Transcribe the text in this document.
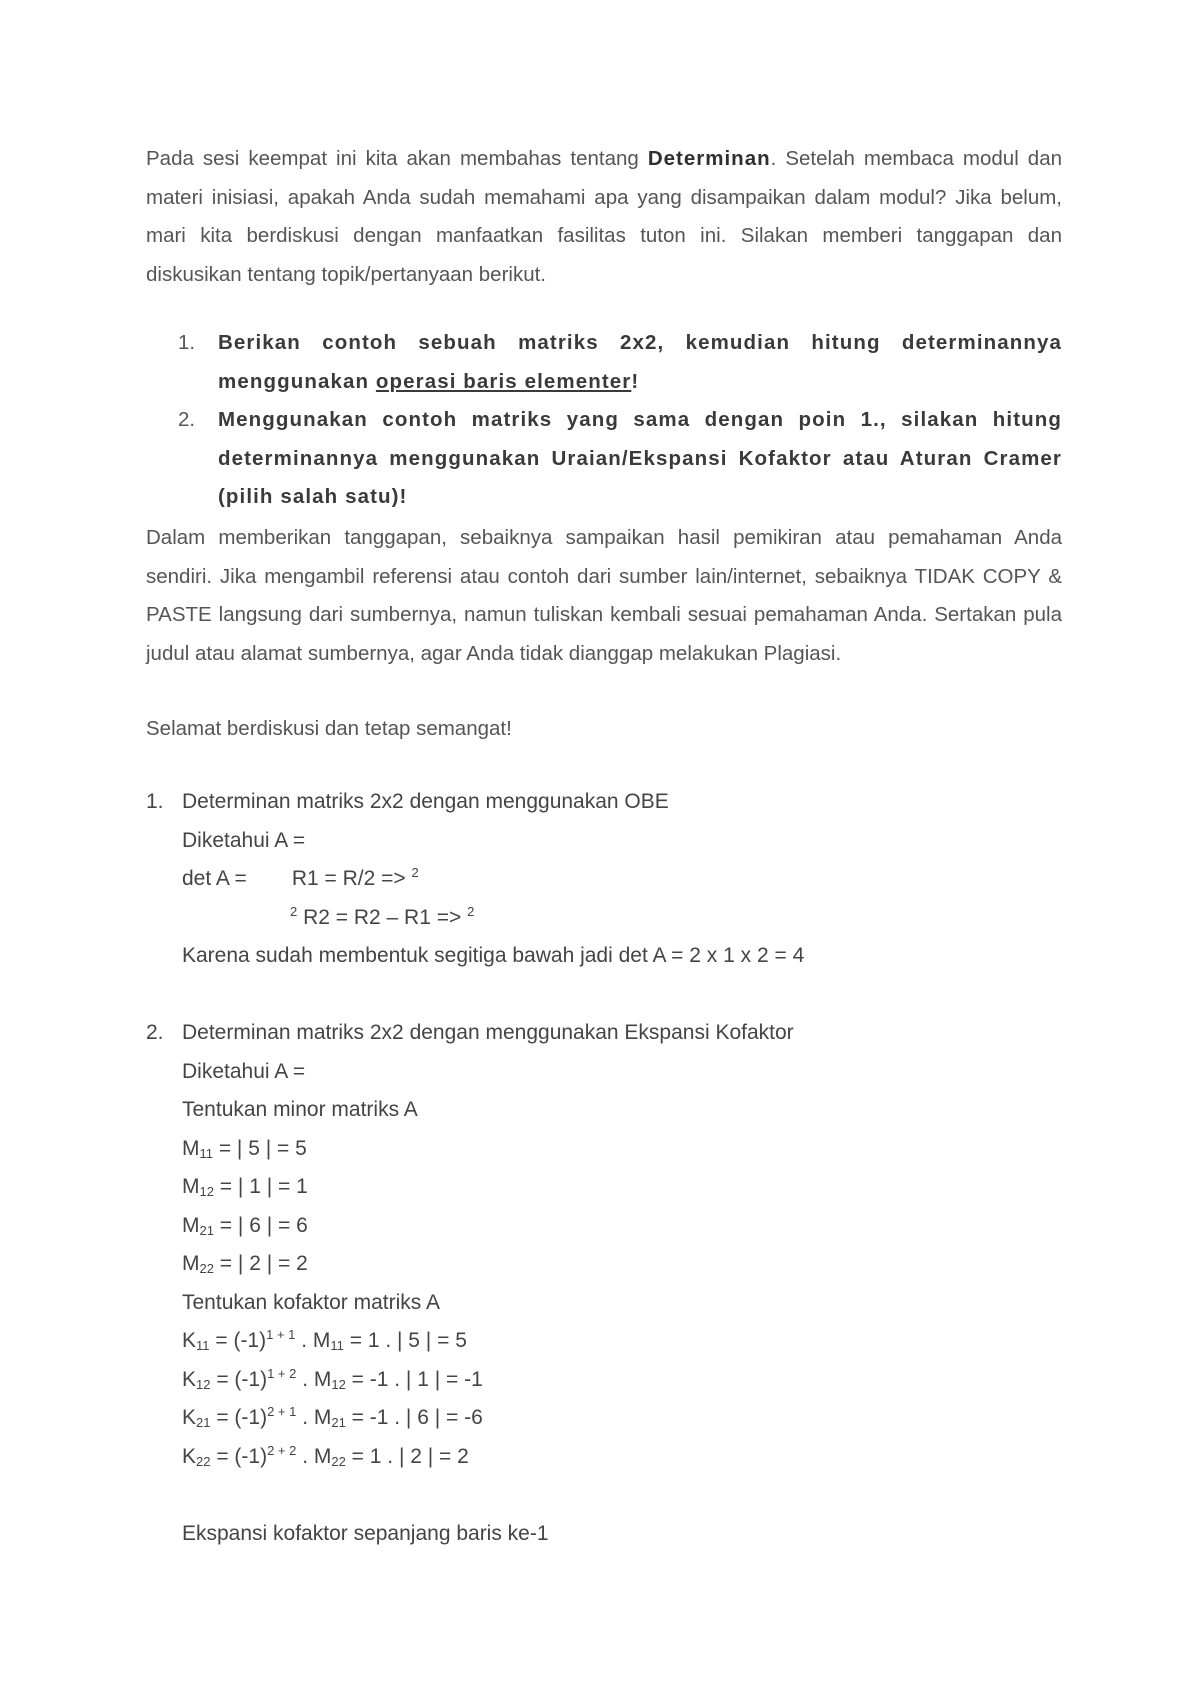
Pada sesi keempat ini kita akan membahas tentang Determinan. Setelah membaca modul dan materi inisiasi, apakah Anda sudah memahami apa yang disampaikan dalam modul? Jika belum, mari kita berdiskusi dengan manfaatkan fasilitas tuton ini. Silakan memberi tanggapan dan diskusikan tentang topik/pertanyaan berikut.

1. Berikan contoh sebuah matriks 2x2, kemudian hitung determinannya menggunakan operasi baris elementer!
2. Menggunakan contoh matriks yang sama dengan poin 1., silakan hitung determinannya menggunakan Uraian/Ekspansi Kofaktor atau Aturan Cramer (pilih salah satu)!

Dalam memberikan tanggapan, sebaiknya sampaikan hasil pemikiran atau pemahaman Anda sendiri. Jika mengambil referensi atau contoh dari sumber lain/internet, sebaiknya TIDAK COPY & PASTE langsung dari sumbernya, namun tuliskan kembali sesuai pemahaman Anda. Sertakan pula judul atau alamat sumbernya, agar Anda tidak dianggap melakukan Plagiasi.

Selamat berdiskusi dan tetap semangat!

1. Determinan matriks 2x2 dengan menggunakan OBE
Diketahui A =
det A = R1 = R/2 => $^2$
$^2$ R2 = R2 – R1 => $^2$
Karena sudah membentuk segitiga bawah jadi det A = 2 x 1 x 2 = 4
2. Determinan matriks 2x2 dengan menggunakan Ekspansi Kofaktor
Diketahui A =
Tentukan minor matriks A
$M_{11}$ = | 5 | = 5
$M_{12}$ = | 1 | = 1
$M_{21}$ = | 6 | = 6
$M_{22}$ = | 2 | = 2
Tentukan kofaktor matriks A
$K_{11} = (-1)^{1 + 1}$ . $M_{11} = 1$ . | 5 | = 5
$K_{12} = (-1)^{1 + 2}$ . $M_{12} = -1$ . | 1 | = -1
$K_{21} = (-1)^{2 + 1}$ . $M_{21} = -1$ . | 6 | = -6
$K_{22} = (-1)^{2 + 2}$ . $M_{22} = 1$ . | 2 | = 2
Ekspansi kofaktor sepanjang baris ke-1
